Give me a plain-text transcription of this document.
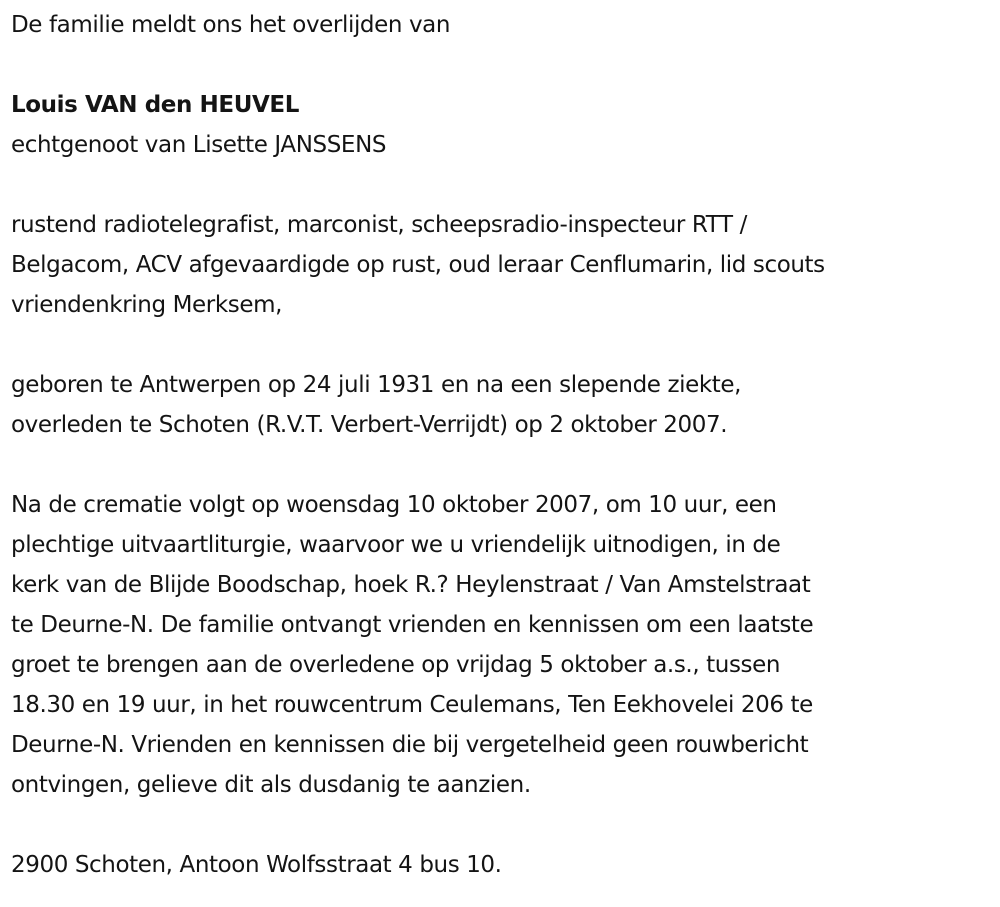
De familie meldt ons het overlijden van

Louis VAN den HEUVEL

echtgenoot van Lisette JANSSENS

rustend radiotelegrafist, marconist, scheepsradio-inspecteur RTT /

Belgacom, ACV afgevaardigde op rust, oud leraar Cenflumarin, lid scouts

vriendenkring Merksem,

geboren te Antwerpen op 24 juli 1931 en na een slepende ziekte,

overleden te Schoten (R.V.T. Verbert-Verrijdt) op 2 oktober 2007.

Na de crematie volgt op woensdag 10 oktober 2007, om 10 uur, een

plechtige uitvaartliturgie, waarvoor we u vriendelijk uitnodigen, in de

kerk van de Blijde Boodschap, hoek R.? Heylenstraat / Van Amstelstraat

te Deurne-N. De familie ontvangt vrienden en kennissen om een laatste

groet te brengen aan de overledene op vrijdag 5 oktober a.s., tussen

18.30 en 19 uur, in het rouwcentrum Ceulemans, Ten Eekhovelei 206 te

Deurne-N. Vrienden en kennissen die bij vergetelheid geen rouwbericht

ontvingen, gelieve dit als dusdanig te aanzien.

2900 Schoten, Antoon Wolfsstraat 4 bus 10.
